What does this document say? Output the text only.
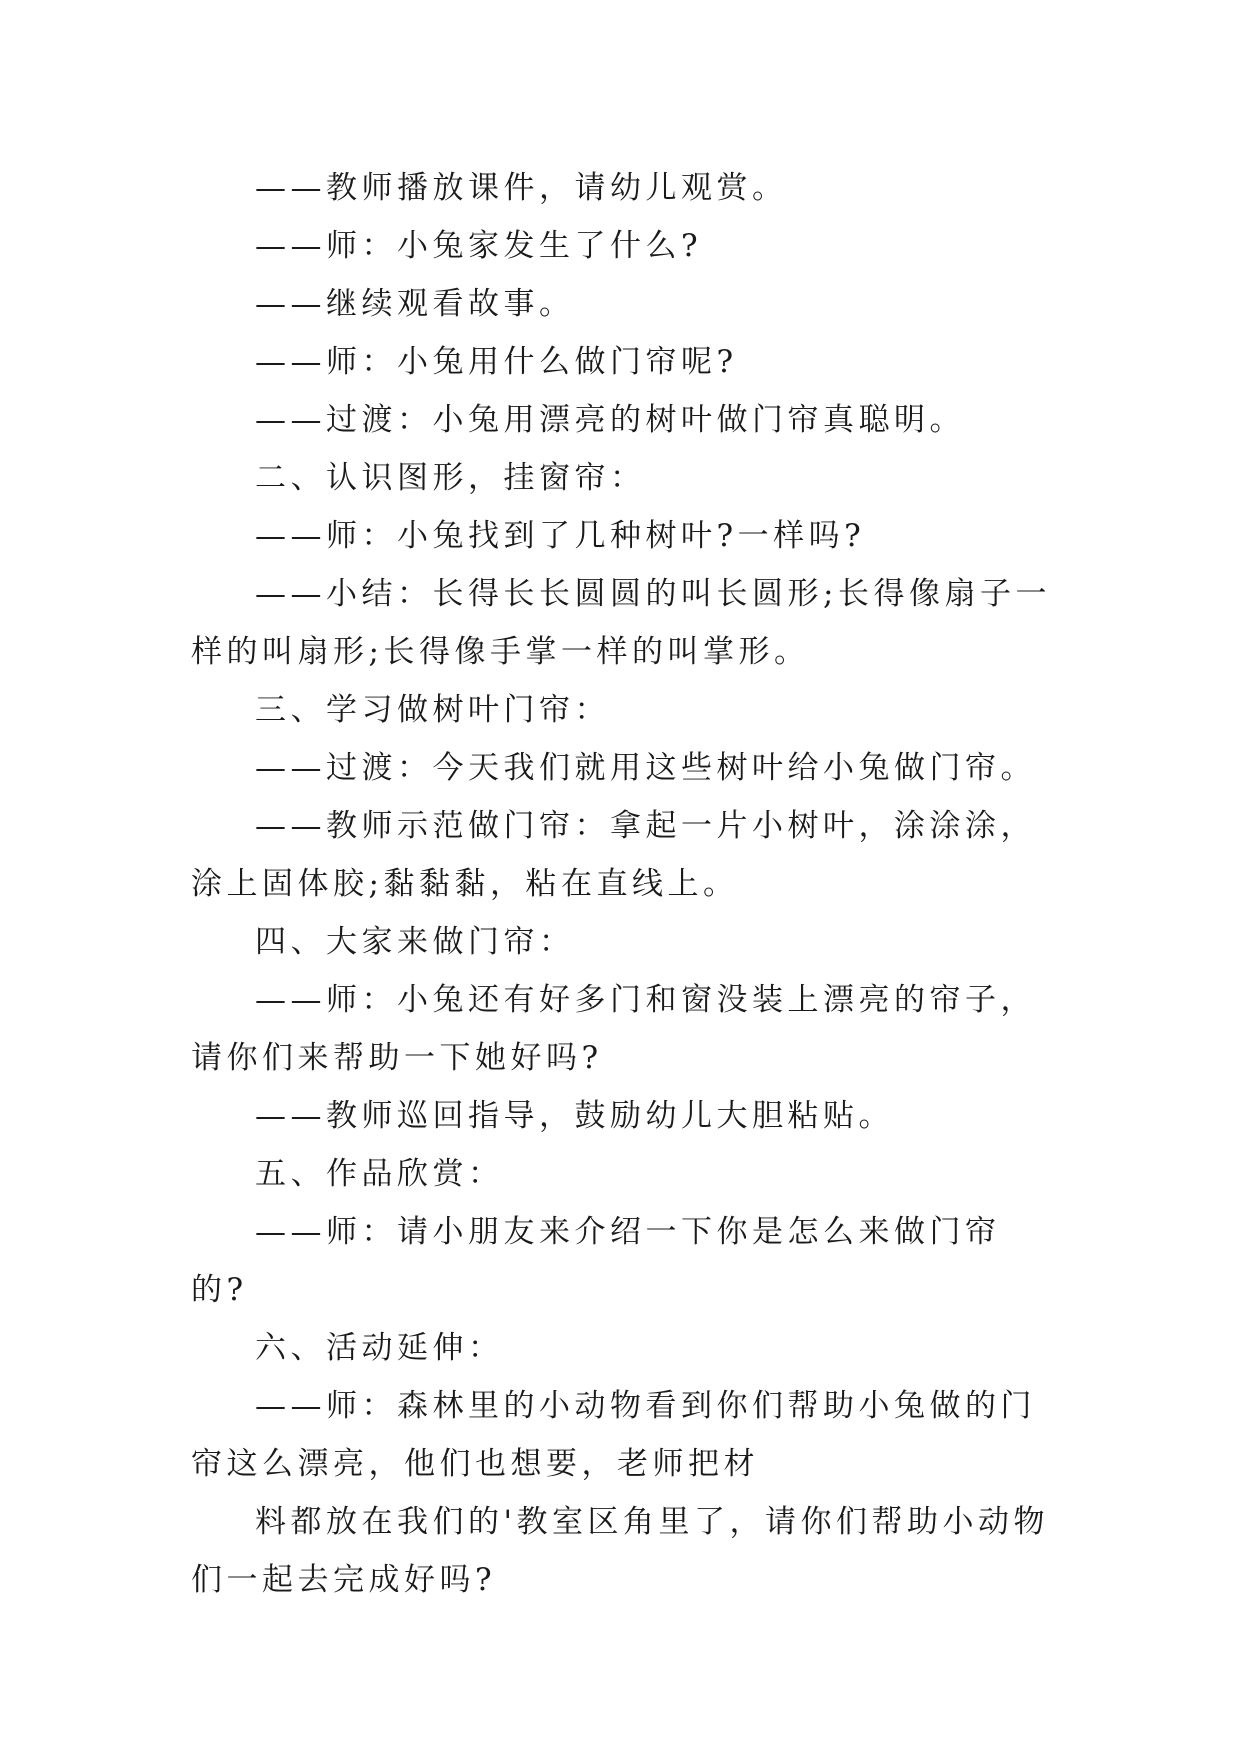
——教师播放课件，请幼儿观赏。

——师：小兔家发生了什么?

——继续观看故事。

——师：小兔用什么做门帘呢?

——过渡：小兔用漂亮的树叶做门帘真聪明。

二、认识图形，挂窗帘：

——师：小兔找到了几种树叶?一样吗?

——小结：长得长长圆圆的叫长圆形;长得像扇子一样的叫扇形;长得像手掌一样的叫掌形。

三、学习做树叶门帘：

——过渡：今天我们就用这些树叶给小兔做门帘。

——教师示范做门帘：拿起一片小树叶，涂涂涂，涂上固体胶;黏黏黏，粘在直线上。

四、大家来做门帘：

——师：小兔还有好多门和窗没装上漂亮的帘子，请你们来帮助一下她好吗?

——教师巡回指导，鼓励幼儿大胆粘贴。

五、作品欣赏：

——师：请小朋友来介绍一下你是怎么来做门帘的?

六、活动延伸：

——师：森林里的小动物看到你们帮助小兔做的门帘这么漂亮，他们也想要，老师把材

料都放在我们的'教室区角里了，请你们帮助小动物们一起去完成好吗?
